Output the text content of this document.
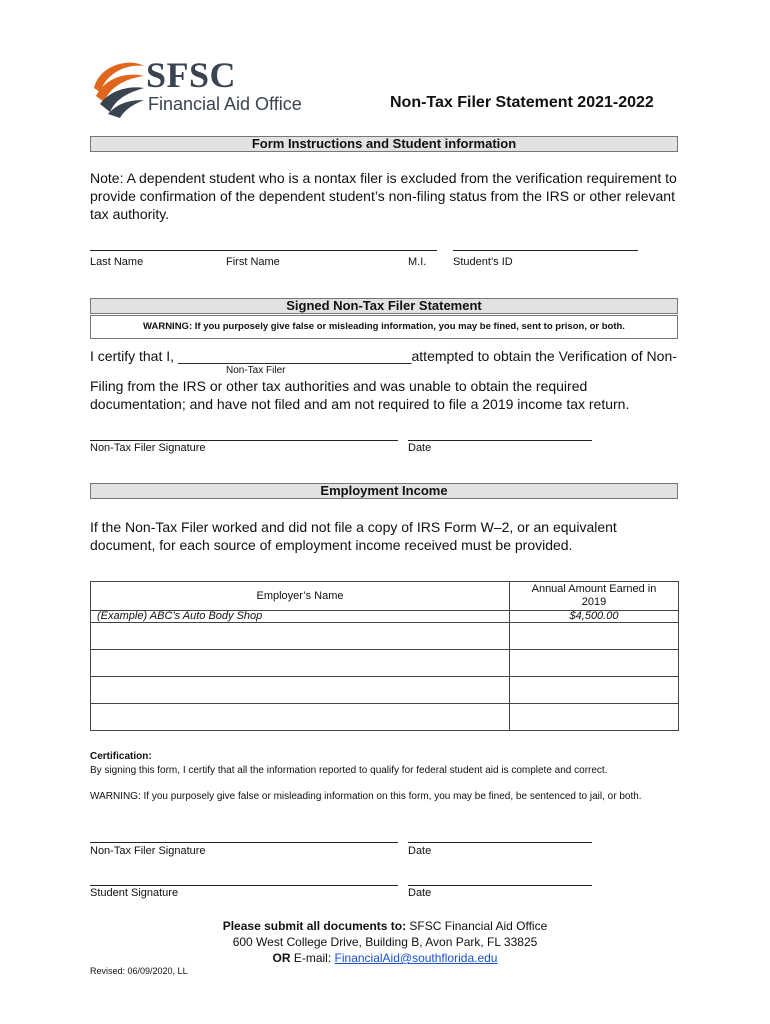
SFSC
Financial Aid Office	Non-Tax Filer Statement 2021-2022
Form Instructions and Student information
Note: A dependent student who is a nontax filer is excluded from the verification requirement to provide confirmation of the dependent student’s non-filing status from the IRS or other relevant tax authority.
Last Name	First Name	M.I. Student’s ID
Signed Non-Tax Filer Statement
WARNING: If you purposely give false or misleading information, you may be fined, sent to prison, or both.
I certify that I, ______________________________attempted to obtain the Verification of Non-
Non-Tax Filer
Filing from the IRS or other tax authorities and was unable to obtain the required documentation; and have not filed and am not required to file a 2019 income tax return.
Non-Tax Filer Signature	Date
Employment Income
If the Non-Tax Filer worked and did not file a copy of IRS Form W–2, or an equivalent document, for each source of employment income received must be provided.
Employer’s Name	Annual Amount Earned in 2019
(Example) ABC’s Auto Body Shop	$4,500.00

Certification:
By signing this form, I certify that all the information reported to qualify for federal student aid is complete and correct.
WARNING: If you purposely give false or misleading information on this form, you may be fined, be sentenced to jail, or both.
Non-Tax Filer Signature	Date
Student Signature	Date
Please submit all documents to: SFSC Financial Aid Office
600 West College Drive, Building B, Avon Park, FL 33825
OR E-mail: FinancialAid@southflorida.edu
Revised: 06/09/2020, LL
